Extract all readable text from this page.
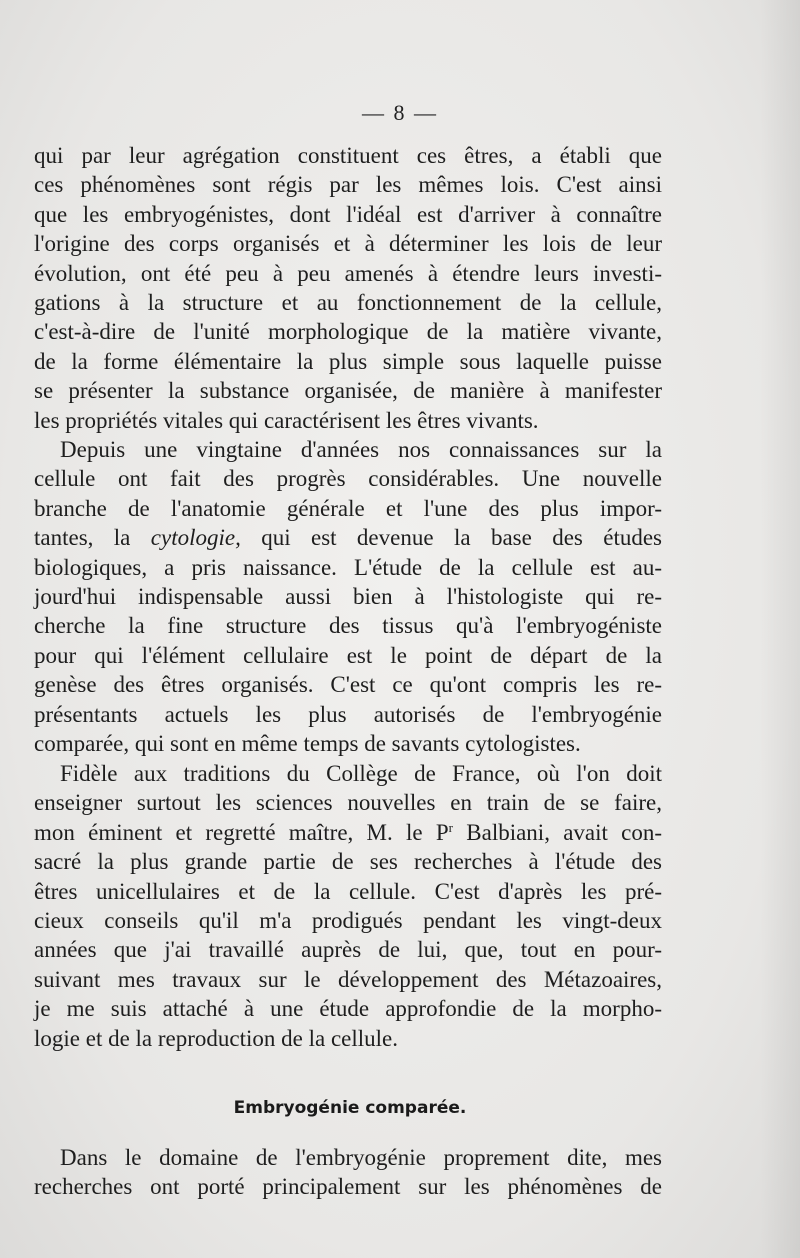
— 8 —
qui par leur agrégation constituent ces êtres, a établi que
ces phénomènes sont régis par les mêmes lois. C'est ainsi
que les embryogénistes, dont l'idéal est d'arriver à connaître
l'origine des corps organisés et à déterminer les lois de leur
évolution, ont été peu à peu amenés à étendre leurs investi-
gations à la structure et au fonctionnement de la cellule,
c'est-à-dire de l'unité morphologique de la matière vivante,
de la forme élémentaire la plus simple sous laquelle puisse
se présenter la substance organisée, de manière à manifester
les propriétés vitales qui caractérisent les êtres vivants.
Depuis une vingtaine d'années nos connaissances sur la
cellule ont fait des progrès considérables. Une nouvelle
branche de l'anatomie générale et l'une des plus impor-
tantes, la cytologie, qui est devenue la base des études
biologiques, a pris naissance. L'étude de la cellule est au-
jourd'hui indispensable aussi bien à l'histologiste qui re-
cherche la fine structure des tissus qu'à l'embryogéniste
pour qui l'élément cellulaire est le point de départ de la
genèse des êtres organisés. C'est ce qu'ont compris les re-
présentants actuels les plus autorisés de l'embryogénie
comparée, qui sont en même temps de savants cytologistes.
Fidèle aux traditions du Collège de France, où l'on doit
enseigner surtout les sciences nouvelles en train de se faire,
mon éminent et regretté maître, M. le $P^r$ Balbiani, avait con-
sacré la plus grande partie de ses recherches à l'étude des
êtres unicellulaires et de la cellule. C'est d'après les pré-
cieux conseils qu'il m'a prodigués pendant les vingt-deux
années que j'ai travaillé auprès de lui, que, tout en pour-
suivant mes travaux sur le développement des Métazoaires,
je me suis attaché à une étude approfondie de la morpho-
logie et de la reproduction de la cellule.
Embryogénie comparée.
Dans le domaine de l'embryogénie proprement dite, mes
recherches ont porté principalement sur les phénomènes de
